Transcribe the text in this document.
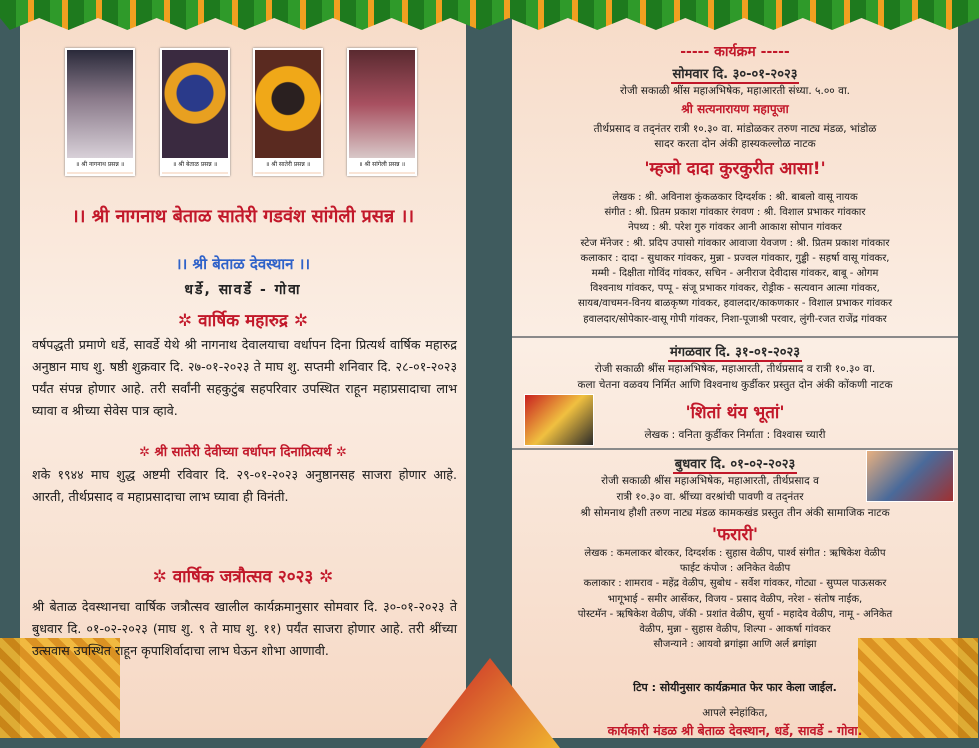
॥ श्री नागनाथ प्रसन्न ॥	॥ श्री बेताळ प्रसन्न ॥	॥ श्री सातेरी प्रसन्न ॥	॥ श्री सांगेली प्रसन्न ॥
।। श्री नागनाथ बेताळ सातेरी गडवंश सांगेली प्रसन्न ।।
।। श्री बेताळ देवस्थान ।।
धर्डे, सावर्डे - गोवा
✲ वार्षिक महारुद्र ✲
वर्षपद्धती प्रमाणे धर्डे, सावर्डे येथे श्री नागनाथ देवालयाचा वर्धापन दिना प्रित्यर्थ वार्षिक महारुद्र अनुष्ठान माघ शु. षष्ठी शुक्रवार दि. २७-०१-२०२३ ते माघ शु. सप्तमी शनिवार दि. २८-०१-२०२३ पर्यंत संपन्न होणार आहे. तरी सर्वांनी सहकुटुंब सहपरिवार उपस्थित राहून महाप्रसादाचा लाभ घ्यावा व श्रीच्या सेवेस पात्र व्हावे.
✲ श्री सातेरी देवीच्या वर्धापन दिनाप्रित्यर्थ ✲
शके १९४४ माघ शुद्ध अष्टमी रविवार दि. २९-०१-२०२३ अनुष्ठानसह साजरा होणार आहे. आरती, तीर्थप्रसाद व महाप्रसादाचा लाभ घ्यावा ही विनंती.
✲ वार्षिक जत्रौत्सव २०२३ ✲
श्री बेताळ देवस्थानचा वार्षिक जत्रौत्सव खालील कार्यक्रमानुसार सोमवार दि. ३०-०१-२०२३ ते बुधवार दि. ०१-०२-२०२३ (माघ शु. ९ ते माघ शु. ११) पर्यंत साजरा होणार आहे. तरी श्रींच्या उत्सवास उपस्थित राहून कृपाशिर्वादाचा लाभ घेऊन शोभा आणावी.
----- कार्यक्रम -----
सोमवार दि. ३०-०१-२०२३
रोजी सकाळी श्रींस महाअभिषेक, महाआरती संध्या. ५.०० वा.
श्री सत्यनारायण महापूजा
तीर्थप्रसाद व तद्नंतर रात्री १०.३० वा. मांडोळकर तरुण नाट्य मंडळ, भांडोळ
सादर करता दोन अंकी हास्यकल्लोळ नाटक
'म्हजो दादा कुरकुरीत आसा!'
लेखक : श्री. अविनाश कुंकळकार दिग्दर्शक : श्री. बाबलो वासू नायक
संगीत : श्री. प्रितम प्रकाश गांवकार रंगवण : श्री. विशाल प्रभाकर गांवकार
नेपथ्य : श्री. परेश गुरु गांवकर आनी आकाश सोपान गांवकर
स्टेज मॅनेजर : श्री. प्रदिप उपासो गांवकार आवाजा येवजण : श्री. प्रितम प्रकाश गांवकार
कलाकार : दादा - सुधाकर गांवकर, मुन्ना - प्रज्वल गांवकार, गुड्डी - सहर्षा वासू गांवकर,
मम्मी - दिक्षीता गोविंद गांवकर, सचिन - अनीराज देवीदास गांवकर, बाबू - ओगम
विश्वनाथ गांवकर, पप्पू - संजू प्रभाकर गांवकर, रोड्रीक - सत्यवान आत्मा गांवकर,
सायब/वाचमन-विनय बाळकृष्ण गांवकर, हवालदार/काकणकार - विशाल प्रभाकर गांवकर
हवालदार/सोपेकार-वासू गोपी गांवकर, निशा-पूजाश्री परवार, लुंगी-रजत राजेंद्र गांवकर
मंगळवार दि. ३१-०१-२०२३
रोजी सकाळी श्रींस महाअभिषेक, महाआरती, तीर्थप्रसाद व रात्री १०.३० वा.
कला चेतना वळवय निर्मित आणि विश्वनाथ कुर्डीकर प्रस्तुत दोन अंकी कोंकणी नाटक
'शितां थंय भूतां'
लेखक : वनिता कुर्डीकर निर्माता : विश्वास च्यारी
बुधवार दि. ०१-०२-२०२३
रोजी सकाळी श्रींस महाअभिषेक, महाआरती, तीर्थप्रसाद व
रात्री १०.३० वा. श्रींच्या वरश्रांची पावणी व तद्नंतर
श्री सोमनाथ हौशी तरुण नाट्य मंडळ कामकखंड प्रस्तुत तीन अंकी सामाजिक नाटक
'फरारी'
लेखक : कमलाकर बोरकर, दिग्दर्शक : सुहास वेळीप, पार्श्व संगीत : ऋषिकेश वेळीप
फाईट कंपोज : अनिकेत वेळीप
कलाकार : शामराव - महेंद्र वेळीप, सुबोध - सर्वेश गांवकर, गोट्या - सुप्पल पाऊसकर
भागूभाई - समीर आर्सेकर, विजय - प्रसाद वेळीप, नरेश - संतोष नाईक,
पोस्टमॅन - ऋषिकेश वेळीप, जॅकी - प्रशांत वेळीप, सुर्या - महादेव वेळीप, नामू - अनिकेत
वेळीप, मुन्ना - सुहास वेळीप, शिल्पा - आकर्षा गांवकर
सौजन्याने : आयवो ब्रगांझा आणि अर्ल ब्रगांझा
टिप : सोयीनुसार कार्यक्रमात फेर फार केला जाईल.
आपले स्नेहांकित,
कार्यकारी मंडळ श्री बेताळ देवस्थान, धर्डे, सावर्डे - गोवा.
